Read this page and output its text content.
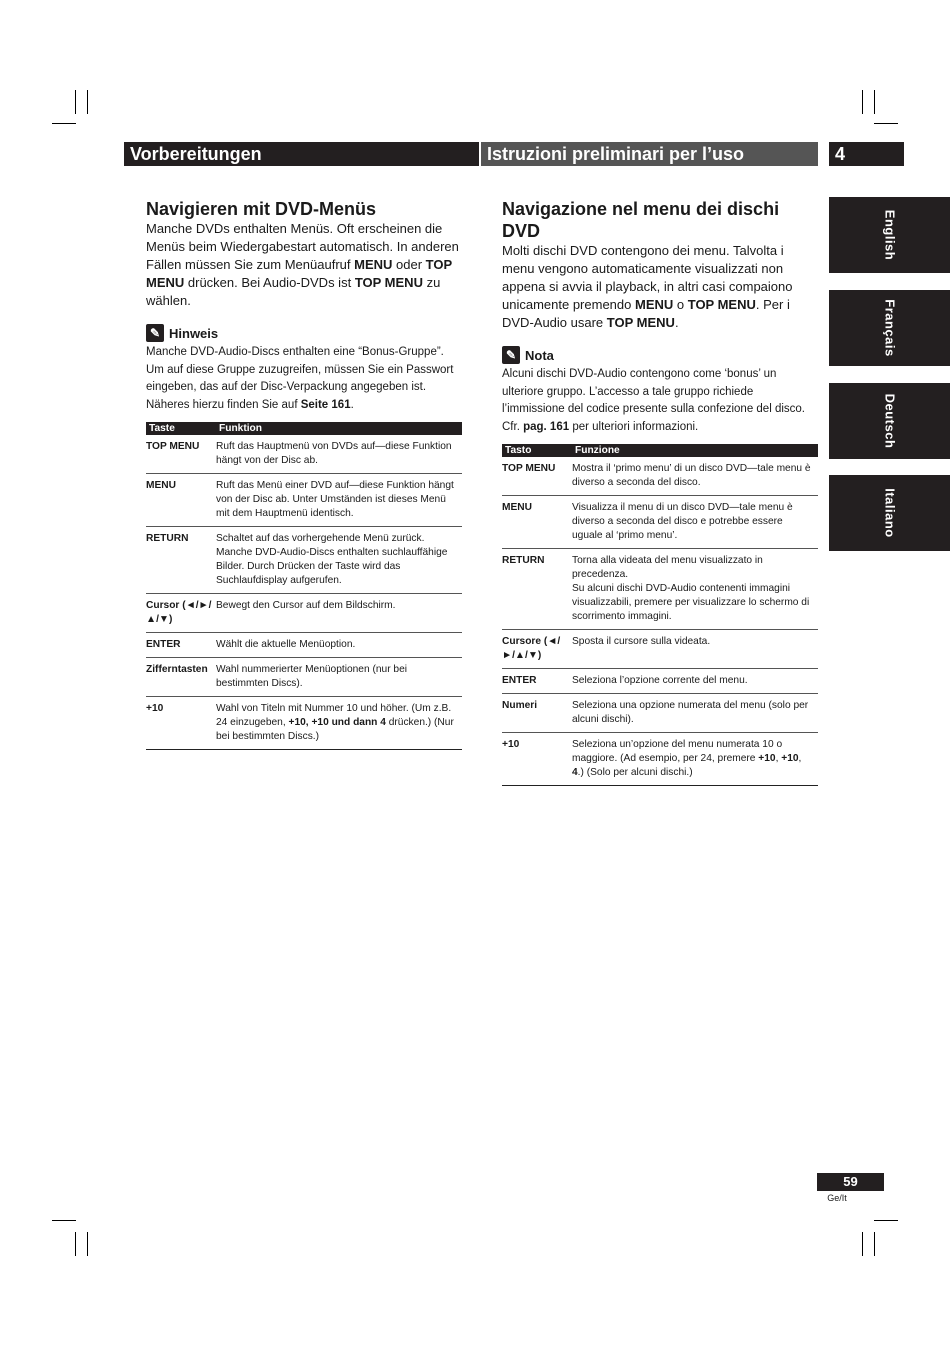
Vorbereitungen	Istruzioni preliminari per l’uso	4
English
Français
Deutsch
Italiano
Navigieren mit DVD-Menüs

Manche DVDs enthalten Menüs. Oft erscheinen die Menüs beim Wiedergabestart automatisch. In anderen Fällen müssen Sie zum Menüaufruf MENU oder TOP MENU drücken. Bei Audio-DVDs ist TOP MENU zu wählen.

✎ Hinweis

Manche DVD-Audio-Discs enthalten eine “Bonus-Gruppe”. Um auf diese Gruppe zuzugreifen, müssen Sie ein Passwort eingeben, das auf der Disc-Verpackung angegeben ist. Näheres hierzu finden Sie auf Seite 161.

Taste	Funktion
TOP MENU	Ruft das Hauptmenü von DVDs auf—diese Funktion hängt von der Disc ab.
MENU	Ruft das Menü einer DVD auf—diese Funktion hängt von der Disc ab. Unter Umständen ist dieses Menü mit dem Hauptmenü identisch.
RETURN	Schaltet auf das vorhergehende Menü zurück. Manche DVD-Audio-Discs enthalten suchlauffähige Bilder. Durch Drücken der Taste wird das Suchlaufdisplay aufgerufen.
Cursor (◄/►/▲/▼)	Bewegt den Cursor auf dem Bildschirm.
ENTER	Wählt die aktuelle Menüoption.
Zifferntasten	Wahl nummerierter Menüoptionen (nur bei bestimmten Discs).
+10	Wahl von Titeln mit Nummer 10 und höher. (Um z.B. 24 einzugeben, +10, +10 und dann 4 drücken.) (Nur bei bestimmten Discs.)
Navigazione nel menu dei dischi DVD

Molti dischi DVD contengono dei menu. Talvolta i menu vengono automaticamente visualizzati non appena si avvia il playback, in altri casi compaiono unicamente premendo MENU o TOP MENU. Per i DVD-Audio usare TOP MENU.

✎ Nota

Alcuni dischi DVD-Audio contengono come ‘bonus’ un ulteriore gruppo. L’accesso a tale gruppo richiede l’immissione del codice presente sulla confezione del disco. Cfr. pag. 161 per ulteriori informazioni.

Tasto	Funzione
TOP MENU	Mostra il ‘primo menu’ di un disco DVD—tale menu è diverso a seconda del disco.
MENU	Visualizza il menu di un disco DVD—tale menu è diverso a seconda del disco e potrebbe essere uguale al ‘primo menu’.
RETURN	Torna alla videata del menu visualizzato in precedenza.
Su alcuni dischi DVD-Audio contenenti immagini visualizzabili, premere per visualizzare lo schermo di scorrimento immagini.
Cursore (◄/►/▲/▼)	Sposta il cursore sulla videata.
ENTER	Seleziona l’opzione corrente del menu.
Numeri	Seleziona una opzione numerata del menu (solo per alcuni dischi).
+10	Seleziona un’opzione del menu numerata 10 o maggiore. (Ad esempio, per 24, premere +10, +10, 4.) (Solo per alcuni dischi.)
59
Ge/It
